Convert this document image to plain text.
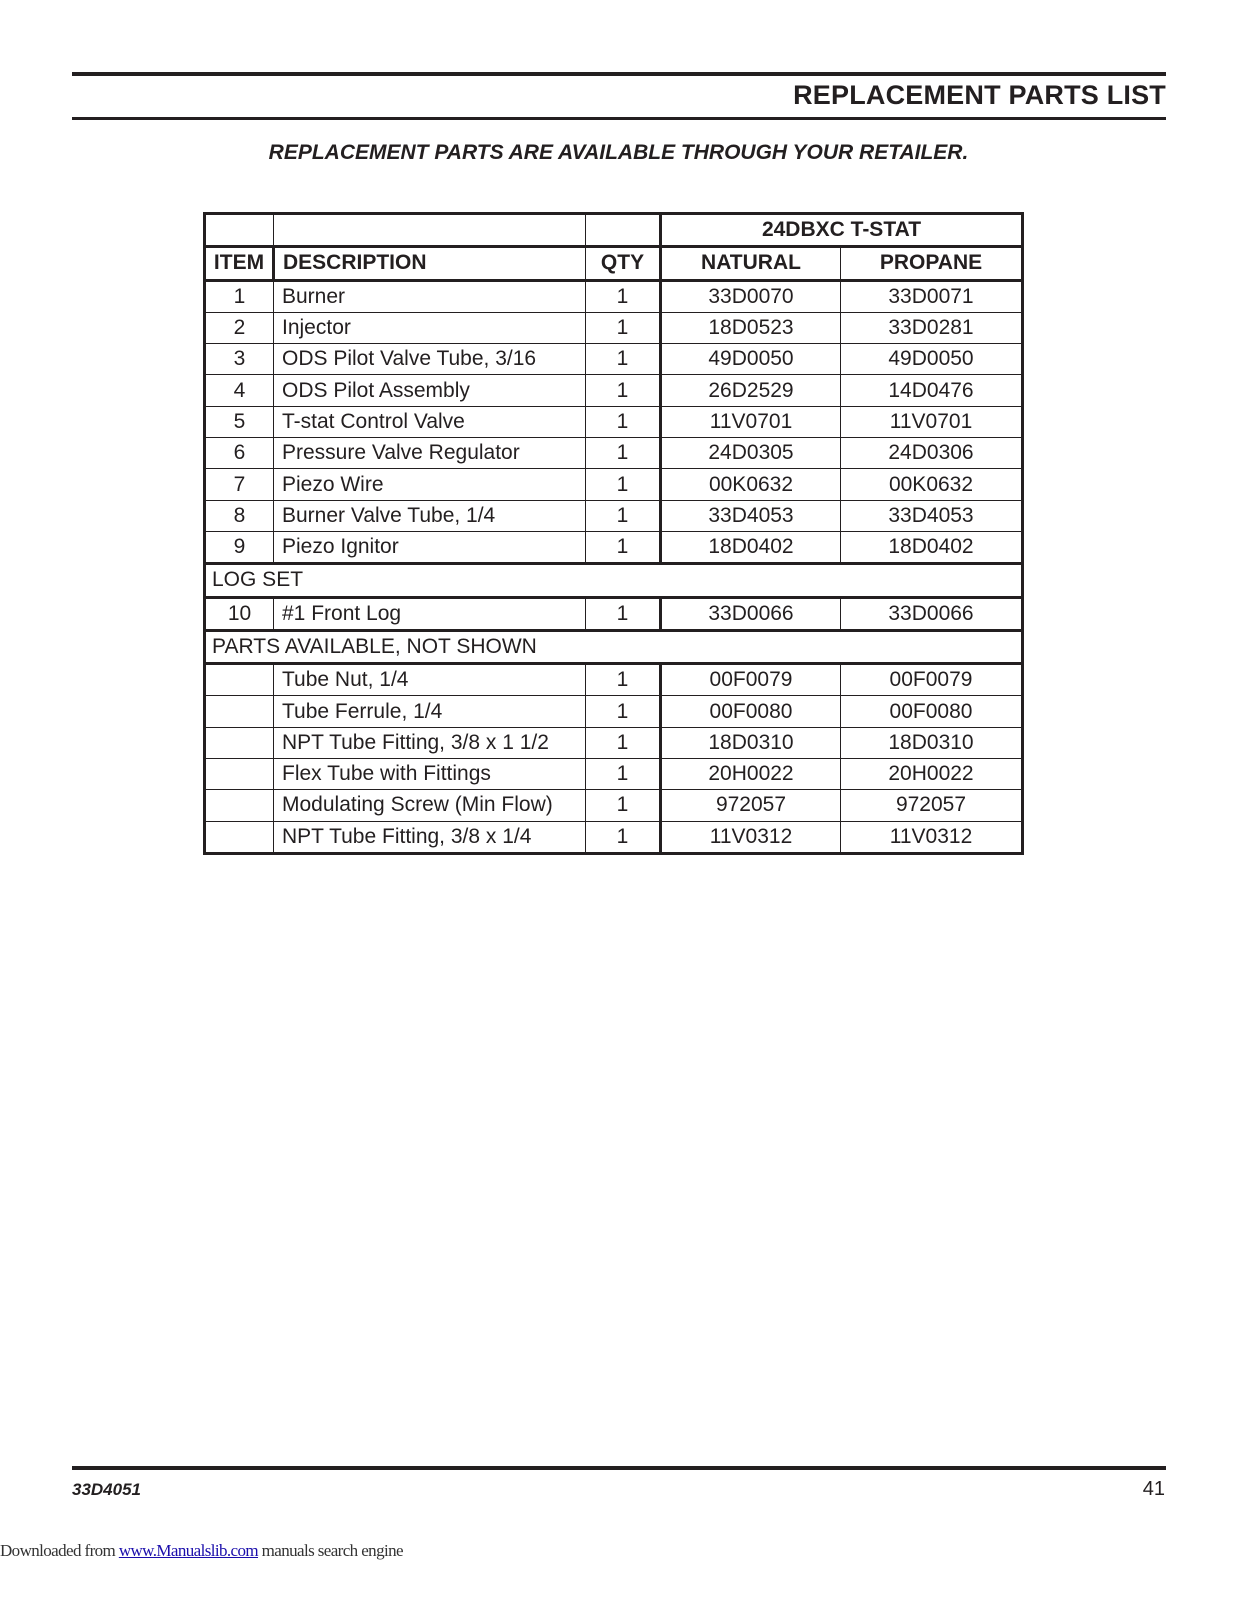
REPLACEMENT PARTS LIST

REPLACEMENT PARTS ARE AVAILABLE THROUGH YOUR RETAILER.

			24DBXC T-STAT	
ITEM	DESCRIPTION	QTY	NATURAL	PROPANE
1	Burner	1	33D0070	33D0071
2	Injector	1	18D0523	33D0281
3	ODS Pilot Valve Tube, 3/16	1	49D0050	49D0050
4	ODS Pilot Assembly	1	26D2529	14D0476
5	T-stat Control Valve	1	11V0701	11V0701
6	Pressure Valve Regulator	1	24D0305	24D0306
7	Piezo Wire	1	00K0632	00K0632
8	Burner Valve Tube, 1/4	1	33D4053	33D4053
9	Piezo Ignitor	1	18D0402	18D0402
LOG SET				
10	#1 Front Log	1	33D0066	33D0066
PARTS AVAILABLE, NOT SHOWN				
	Tube Nut, 1/4	1	00F0079	00F0079
	Tube Ferrule, 1/4	1	00F0080	00F0080
	NPT Tube Fitting, 3/8 x 1 1/2	1	18D0310	18D0310
	Flex Tube with Fittings	1	20H0022	20H0022
	Modulating Screw (Min Flow)	1	972057	972057
	NPT Tube Fitting, 3/8 x 1/4	1	11V0312	11V0312
33D4051	41
Downloaded from www.Manualslib.com manuals search engine
